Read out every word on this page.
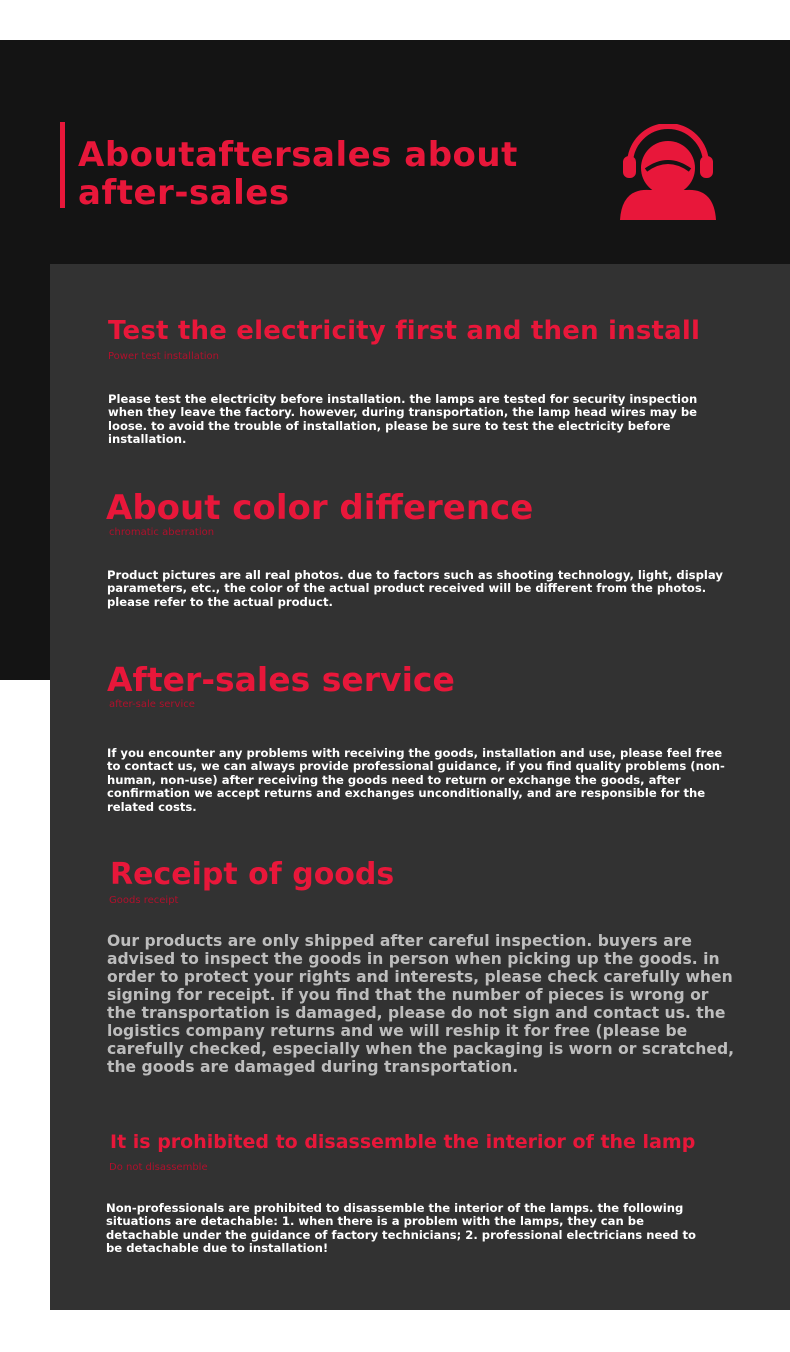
Aboutaftersales about
after-sales
Test the electricity first and then install
Power test installation
Please test the electricity before installation. the lamps are tested for security inspection when they leave the factory. however, during transportation, the lamp head wires may be loose. to avoid the trouble of installation, please be sure to test the electricity before installation.
About color difference
chromatic aberration
Product pictures are all real photos. due to factors such as shooting technology, light, display parameters, etc., the color of the actual product received will be different from the photos. please refer to the actual product.
After-sales service
after-sale service
If you encounter any problems with receiving the goods, installation and use, please feel free to contact us, we can always provide professional guidance, if you find quality problems (non-human, non-use) after receiving the goods need to return or exchange the goods, after confirmation we accept returns and exchanges unconditionally, and are responsible for the related costs.
Receipt of goods
Goods receipt
Our products are only shipped after careful inspection. buyers are advised to inspect the goods in person when picking up the goods. in order to protect your rights and interests, please check carefully when signing for receipt. if you find that the number of pieces is wrong or the transportation is damaged, please do not sign and contact us. the logistics company returns and we will reship it for free (please be carefully checked, especially when the packaging is worn or scratched, the goods are damaged during transportation.
It is prohibited to disassemble the interior of the lamp
Do not disassemble
Non-professionals are prohibited to disassemble the interior of the lamps. the following situations are detachable: 1. when there is a problem with the lamps, they can be detachable under the guidance of factory technicians; 2. professional electricians need to be detachable due to installation!
